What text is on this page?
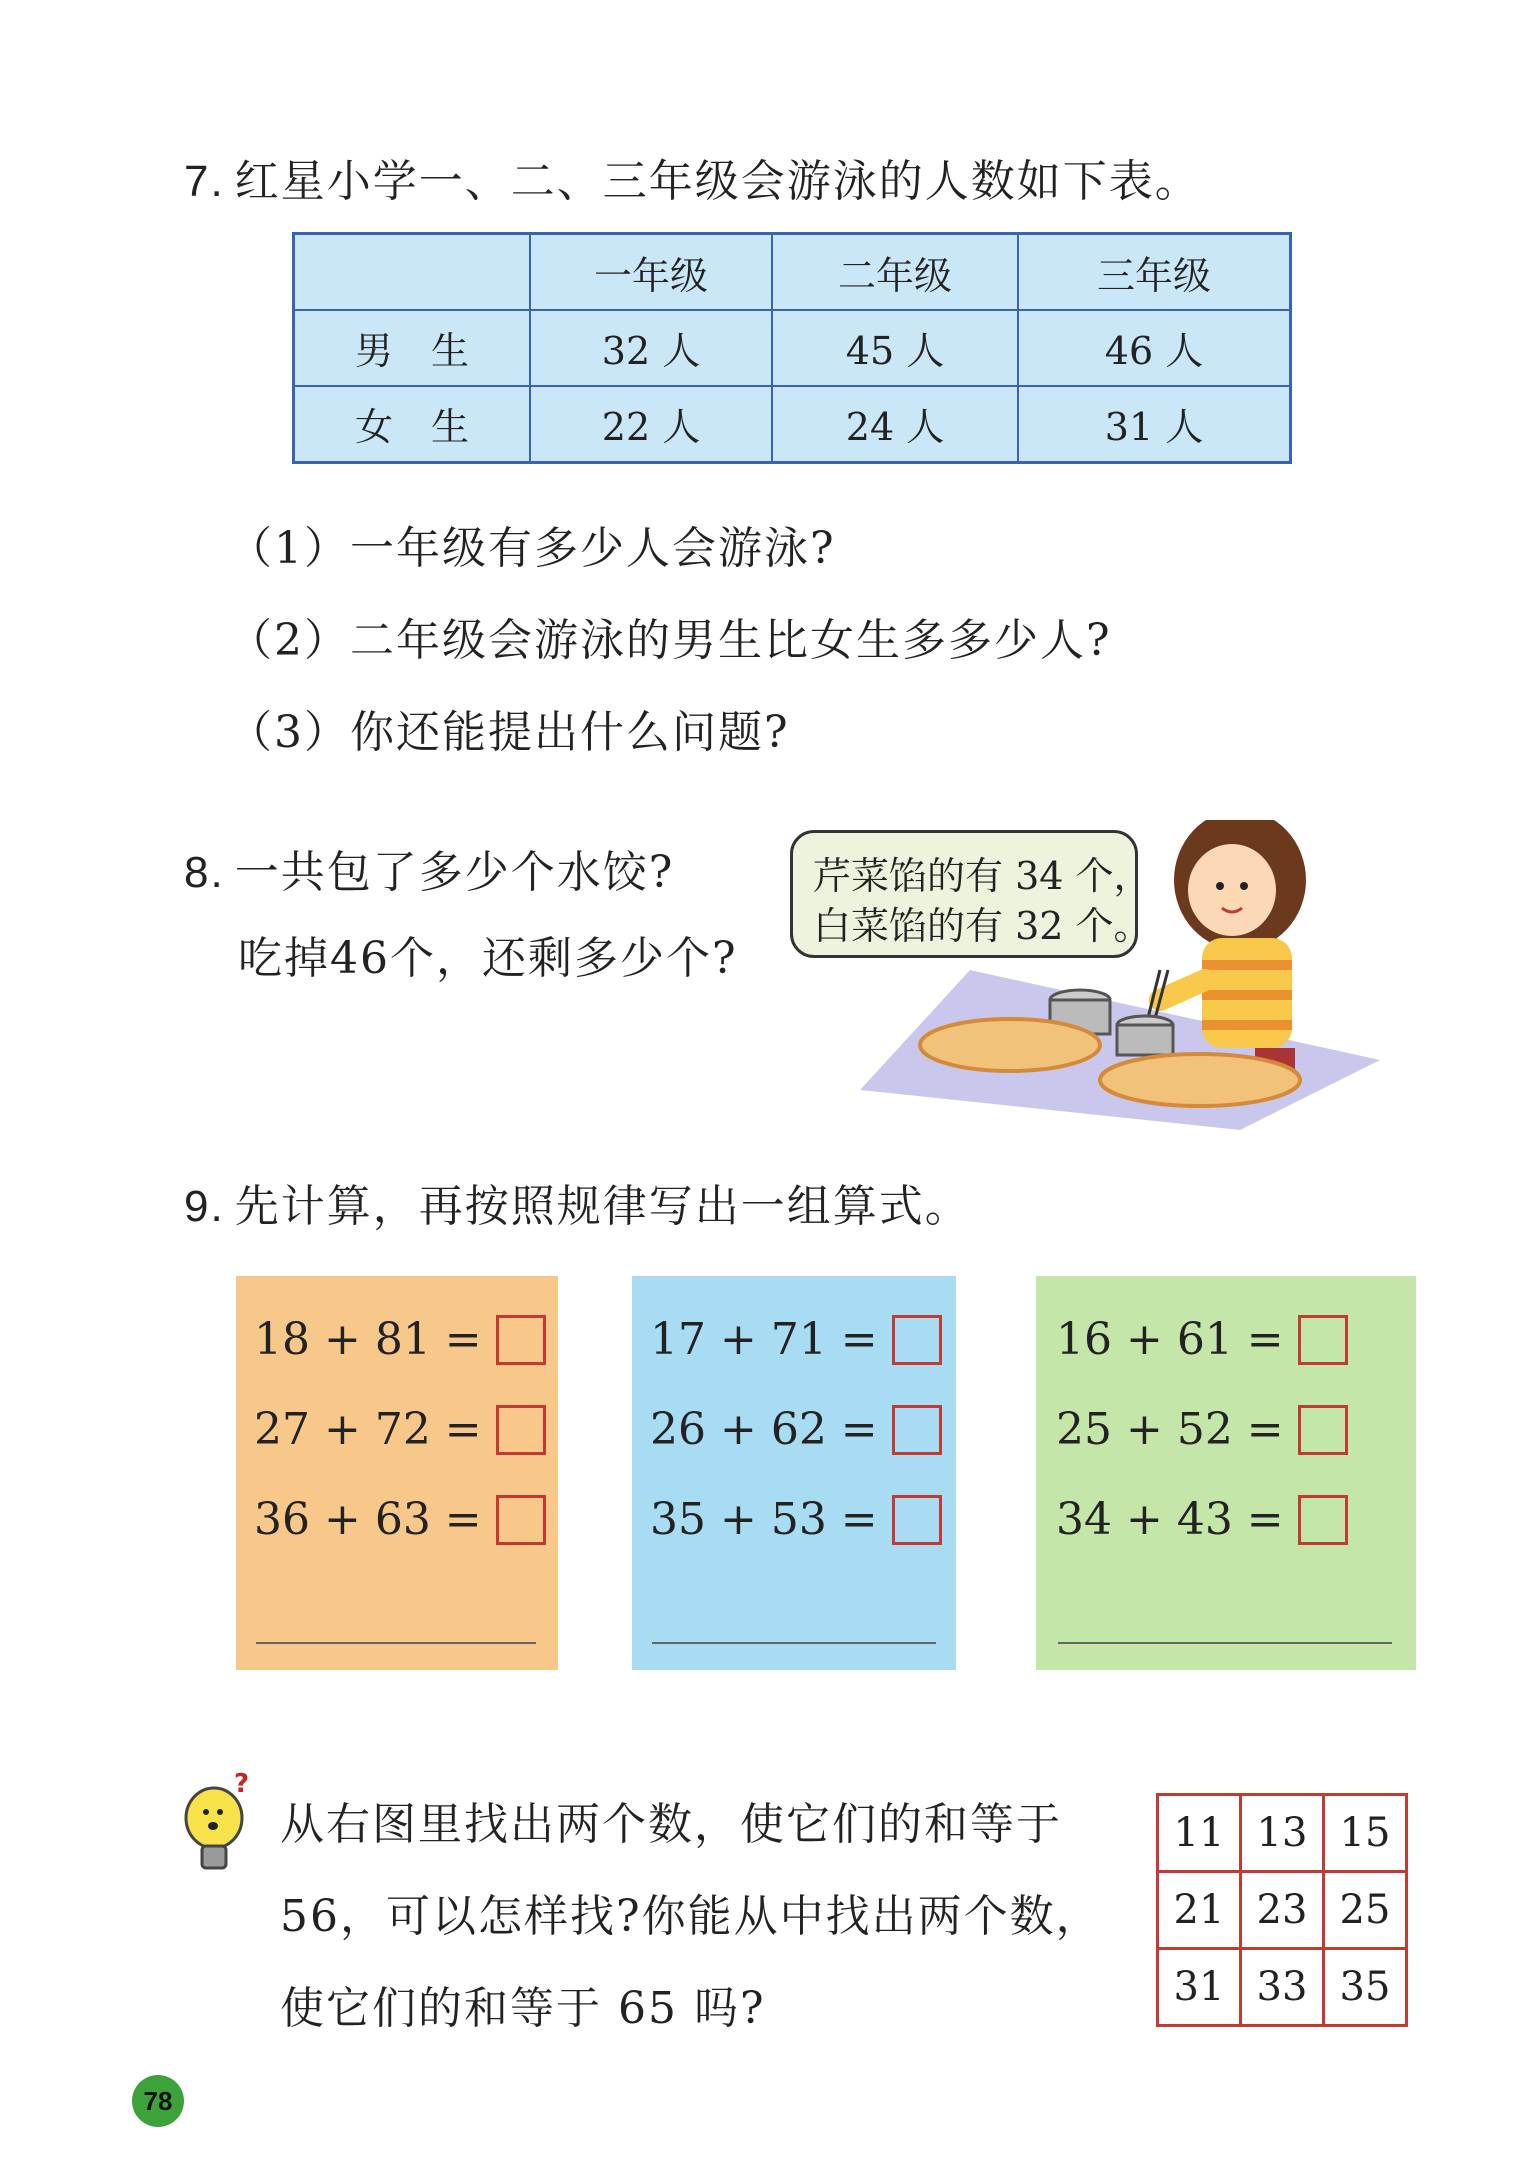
7. 红星小学一、二、三年级会游泳的人数如下表。
	一年级	二年级	三年级
男　生	32 人	45 人	46 人
女　生	22 人	24 人	31 人
（1）一年级有多少人会游泳?
（2）二年级会游泳的男生比女生多多少人?
（3）你还能提出什么问题?
8. 一共包了多少个水饺?
吃掉46个，还剩多少个?
芹菜馅的有 34 个，
白菜馅的有 32 个。
9. 先计算，再按照规律写出一组算式。
18 + 81 =
27 + 72 =
36 + 63 =
17 + 71 =
26 + 62 =
35 + 53 =
16 + 61 =
25 + 52 =
34 + 43 =
?
从右图里找出两个数，使它们的和等于
56，可以怎样找?你能从中找出两个数，
使它们的和等于 65 吗?
11	13	15
21	23	25
31	33	35
78
